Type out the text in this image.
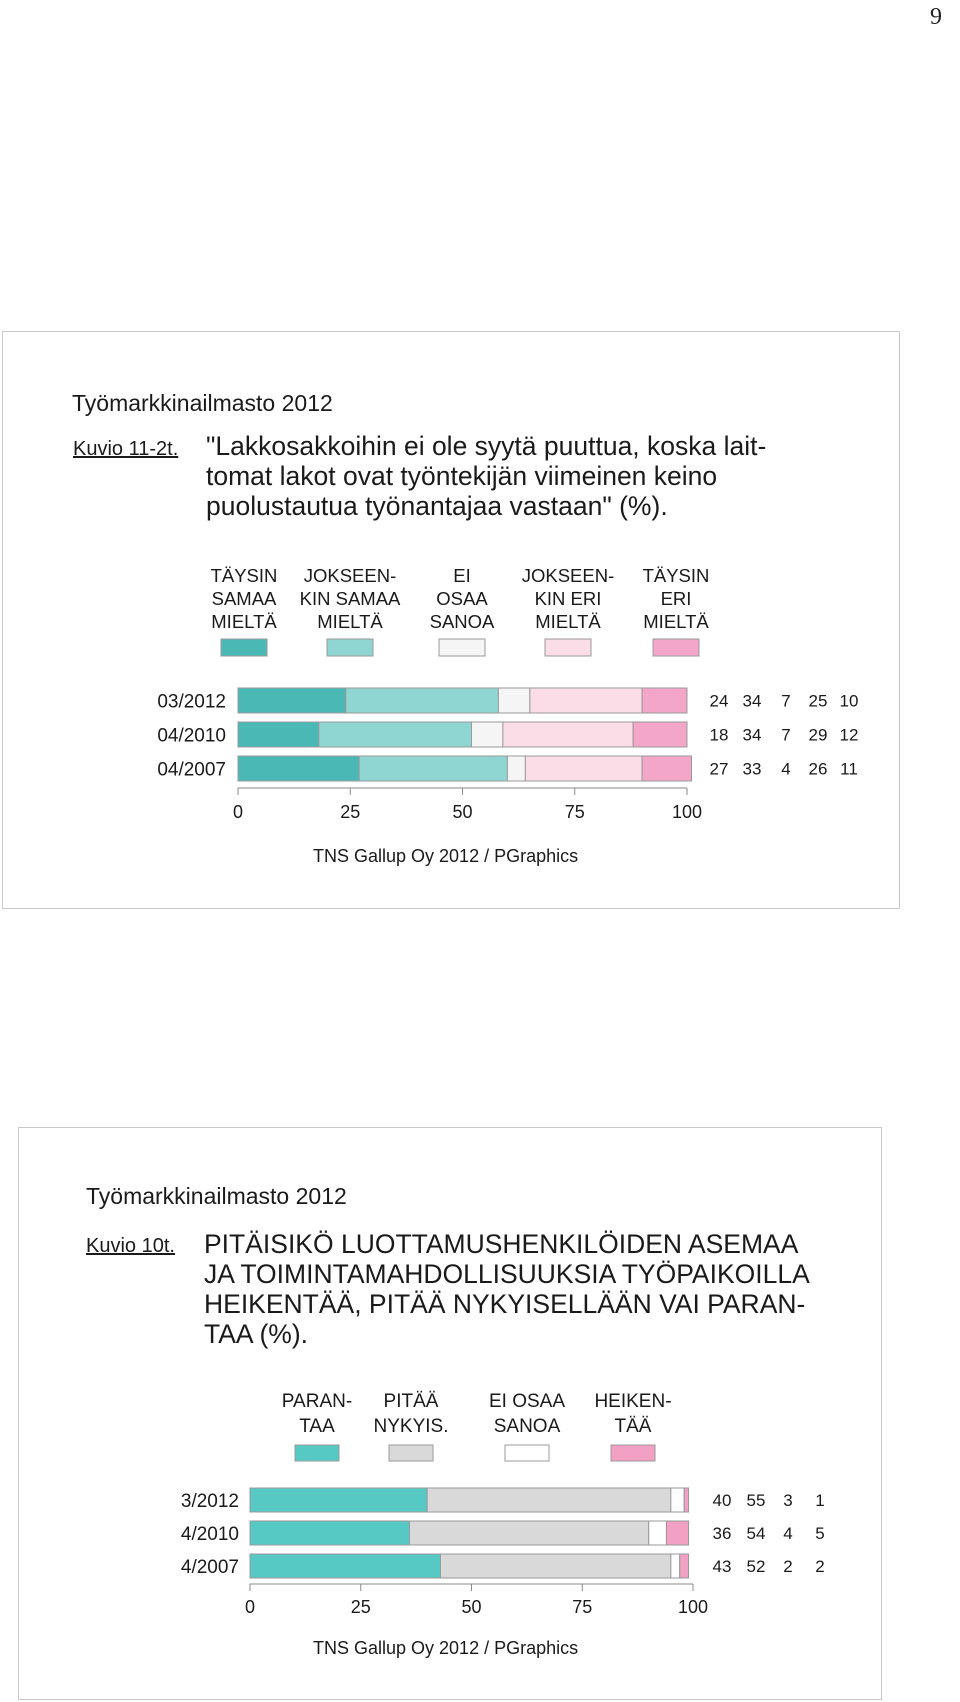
9
Työmarkkinailmasto 2012
Kuvio 11-2t. "Lakkosakkoihin ei ole syytä puuttua, koska lait-
tomat lakot ovat työntekijän viimeinen keino
puolustautua työnantajaa vastaan" (%).
TÄYSIN
SAMAA
MIELTÄ
JOKSEEN-
KIN SAMAA
MIELTÄ
EI
OSAA
SANOA
JOKSEEN-
KIN ERI
MIELTÄ
TÄYSIN
ERI
MIELTÄ
03/2012	24 34 7 25 10
04/2010	18 34 7 29 12
04/2007	27 33 4 26 11
0	25	50	75	100
TNS Gallup Oy 2012 / PGraphics
Työmarkkinailmasto 2012
Kuvio 10t. PITÄISIKÖ LUOTTAMUSHENKILÖIDEN ASEMAA
JA TOIMINTAMAHDOLLISUUKSIA TYÖPAIKOILLA
HEIKENTÄÄ, PITÄÄ NYKYISELLÄÄN VAI PARAN-
TAA (%).
PARAN-
TAA
PITÄÄ
NYKYIS.
EI OSAA
SANOA
HEIKEN-
TÄÄ
3/2012	40 55 3 1
4/2010	36 54 4 5
4/2007	43 52 2 2
0	25	50	75	100
TNS Gallup Oy 2012 / PGraphics
